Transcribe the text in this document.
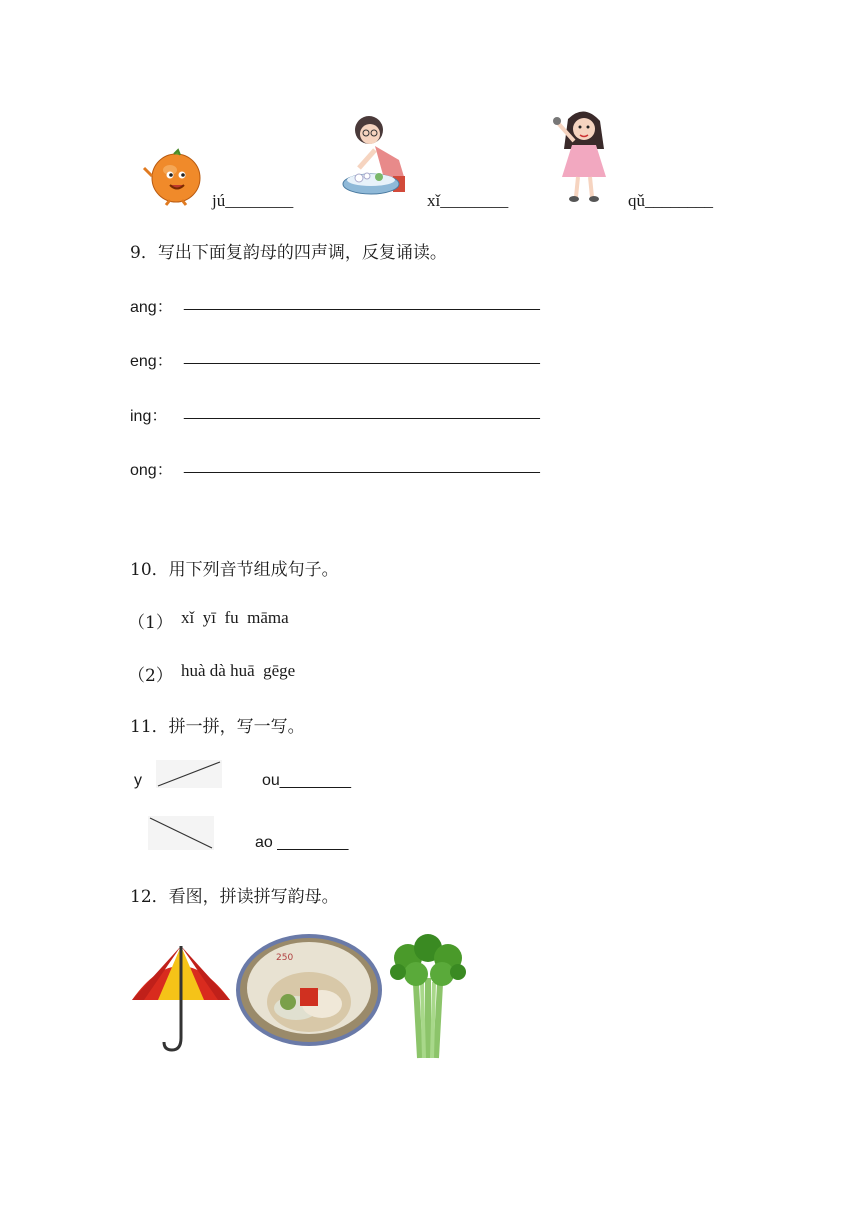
jú________	xǐ________	qǔ________
9．写出下面复韵母的四声调，反复诵读。
ang： ________________________________________
eng： ________________________________________
ing： ________________________________________
ong： ________________________________________
10．用下列音节组成句子。
（1） xǐ  yī  fu  māma
（2） huà dà huā  gēge
11．拼一拼，写一写。
y	ou________
ao ________
12．看图，拼读拼写韵母。
250
